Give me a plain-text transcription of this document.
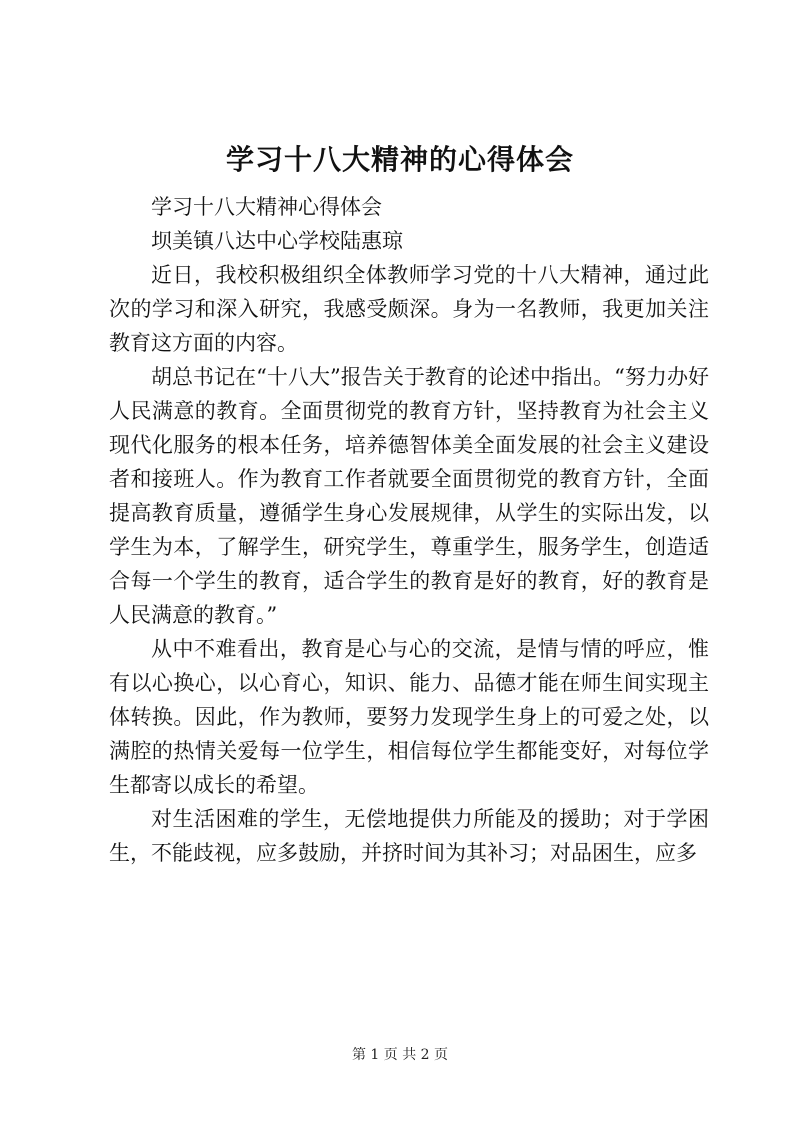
学习十八大精神的心得体会

学习十八大精神心得体会

坝美镇八达中心学校陆惠琼

近日，我校积极组织全体教师学习党的十八大精神，通过此次的学习和深入研究，我感受颇深。身为一名教师，我更加关注教育这方面的内容。

胡总书记在“十八大”报告关于教育的论述中指出。“努力办好人民满意的教育。全面贯彻党的教育方针，坚持教育为社会主义现代化服务的根本任务，培养德智体美全面发展的社会主义建设者和接班人。作为教育工作者就要全面贯彻党的教育方针，全面提高教育质量，遵循学生身心发展规律，从学生的实际出发，以学生为本，了解学生，研究学生，尊重学生，服务学生，创造适合每一个学生的教育，适合学生的教育是好的教育，好的教育是人民满意的教育。”

从中不难看出，教育是心与心的交流，是情与情的呼应，惟有以心换心，以心育心，知识、能力、品德才能在师生间实现主体转换。因此，作为教师，要努力发现学生身上的可爱之处，以满腔的热情关爱每一位学生，相信每位学生都能变好，对每位学生都寄以成长的希望。

对生活困难的学生，无偿地提供力所能及的援助；对于学困生，不能歧视，应多鼓励，并挤时间为其补习；对品困生，应多

第 1 页 共 2 页
